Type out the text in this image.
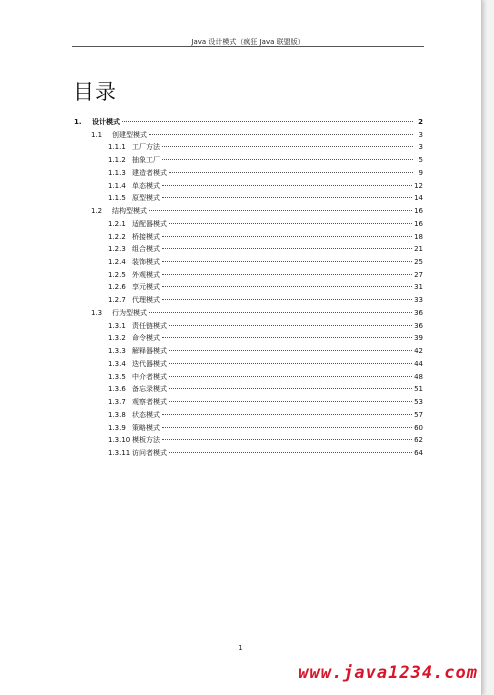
Java 设计模式（疯狂 Java 联盟版）
目录
1.	设计模式	2
1.1	创建型模式	3
1.1.1 工厂方法	3
1.1.2 抽象工厂	5
1.1.3 建造者模式	9
1.1.4 单态模式	12
1.1.5 原型模式	14
1.2	结构型模式	16
1.2.1 适配器模式	16
1.2.2 桥接模式	18
1.2.3 组合模式	21
1.2.4 装饰模式	25
1.2.5 外观模式	27
1.2.6 享元模式	31
1.2.7 代理模式	33
1.3	行为型模式	36
1.3.1 责任链模式	36
1.3.2 命令模式	39
1.3.3 解释器模式	42
1.3.4 迭代器模式	44
1.3.5 中介者模式	48
1.3.6 备忘录模式	51
1.3.7 观察者模式	53
1.3.8 状态模式	57
1.3.9 策略模式	60
1.3.10 模板方法	62
1.3.11 访问者模式	64
1
www.java1234.com
